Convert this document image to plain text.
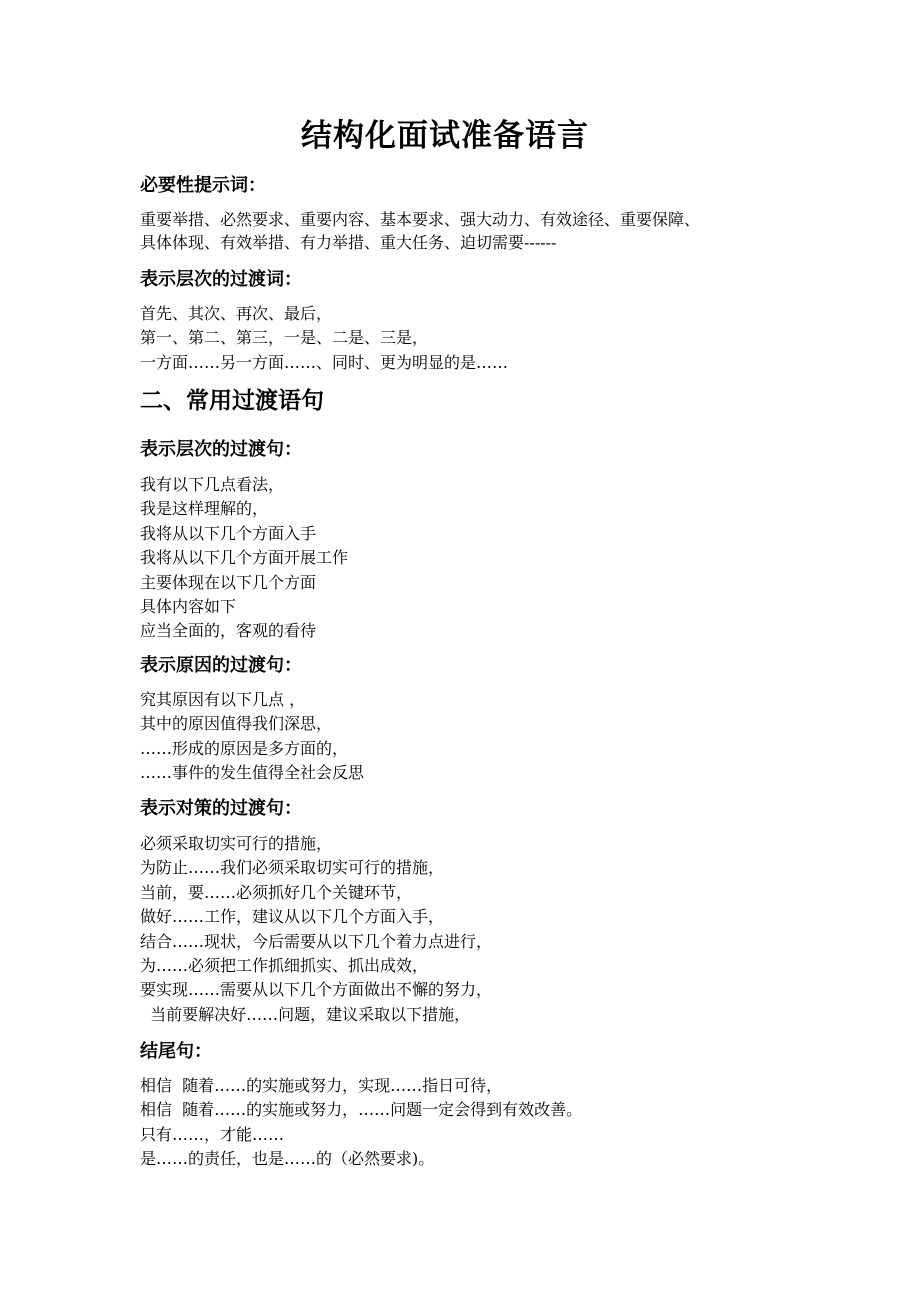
结构化面试准备语言
必要性提示词：
重要举措、必然要求、重要内容、基本要求、强大动力、有效途径、重要保障、
具体体现、有效举措、有力举措、重大任务、迫切需要------
表示层次的过渡词：
首先、其次、再次、最后，
第一、第二、第三，一是、二是、三是，
一方面……另一方面……、同时、更为明显的是……
二、常用过渡语句
表示层次的过渡句：
我有以下几点看法，
我是这样理解的，
我将从以下几个方面入手
我将从以下几个方面开展工作
主要体现在以下几个方面
具体内容如下
应当全面的，客观的看待
表示原因的过渡句：
究其原因有以下几点 ，
其中的原因值得我们深思，
……形成的原因是多方面的，
……事件的发生值得全社会反思
表示对策的过渡句：
必须采取切实可行的措施，
为防止……我们必须采取切实可行的措施，
当前，要……必须抓好几个关键环节，
做好……工作，建议从以下几个方面入手，
结合……现状，今后需要从以下几个着力点进行，
为……必须把工作抓细抓实、抓出成效，
要实现……需要从以下几个方面做出不懈的努力，
当前要解决好……问题，建议采取以下措施，
结尾句：
相信  随着……的实施或努力，实现……指日可待，
相信  随着……的实施或努力，……问题一定会得到有效改善。
只有……，才能……
是……的责任，也是……的（必然要求)。
